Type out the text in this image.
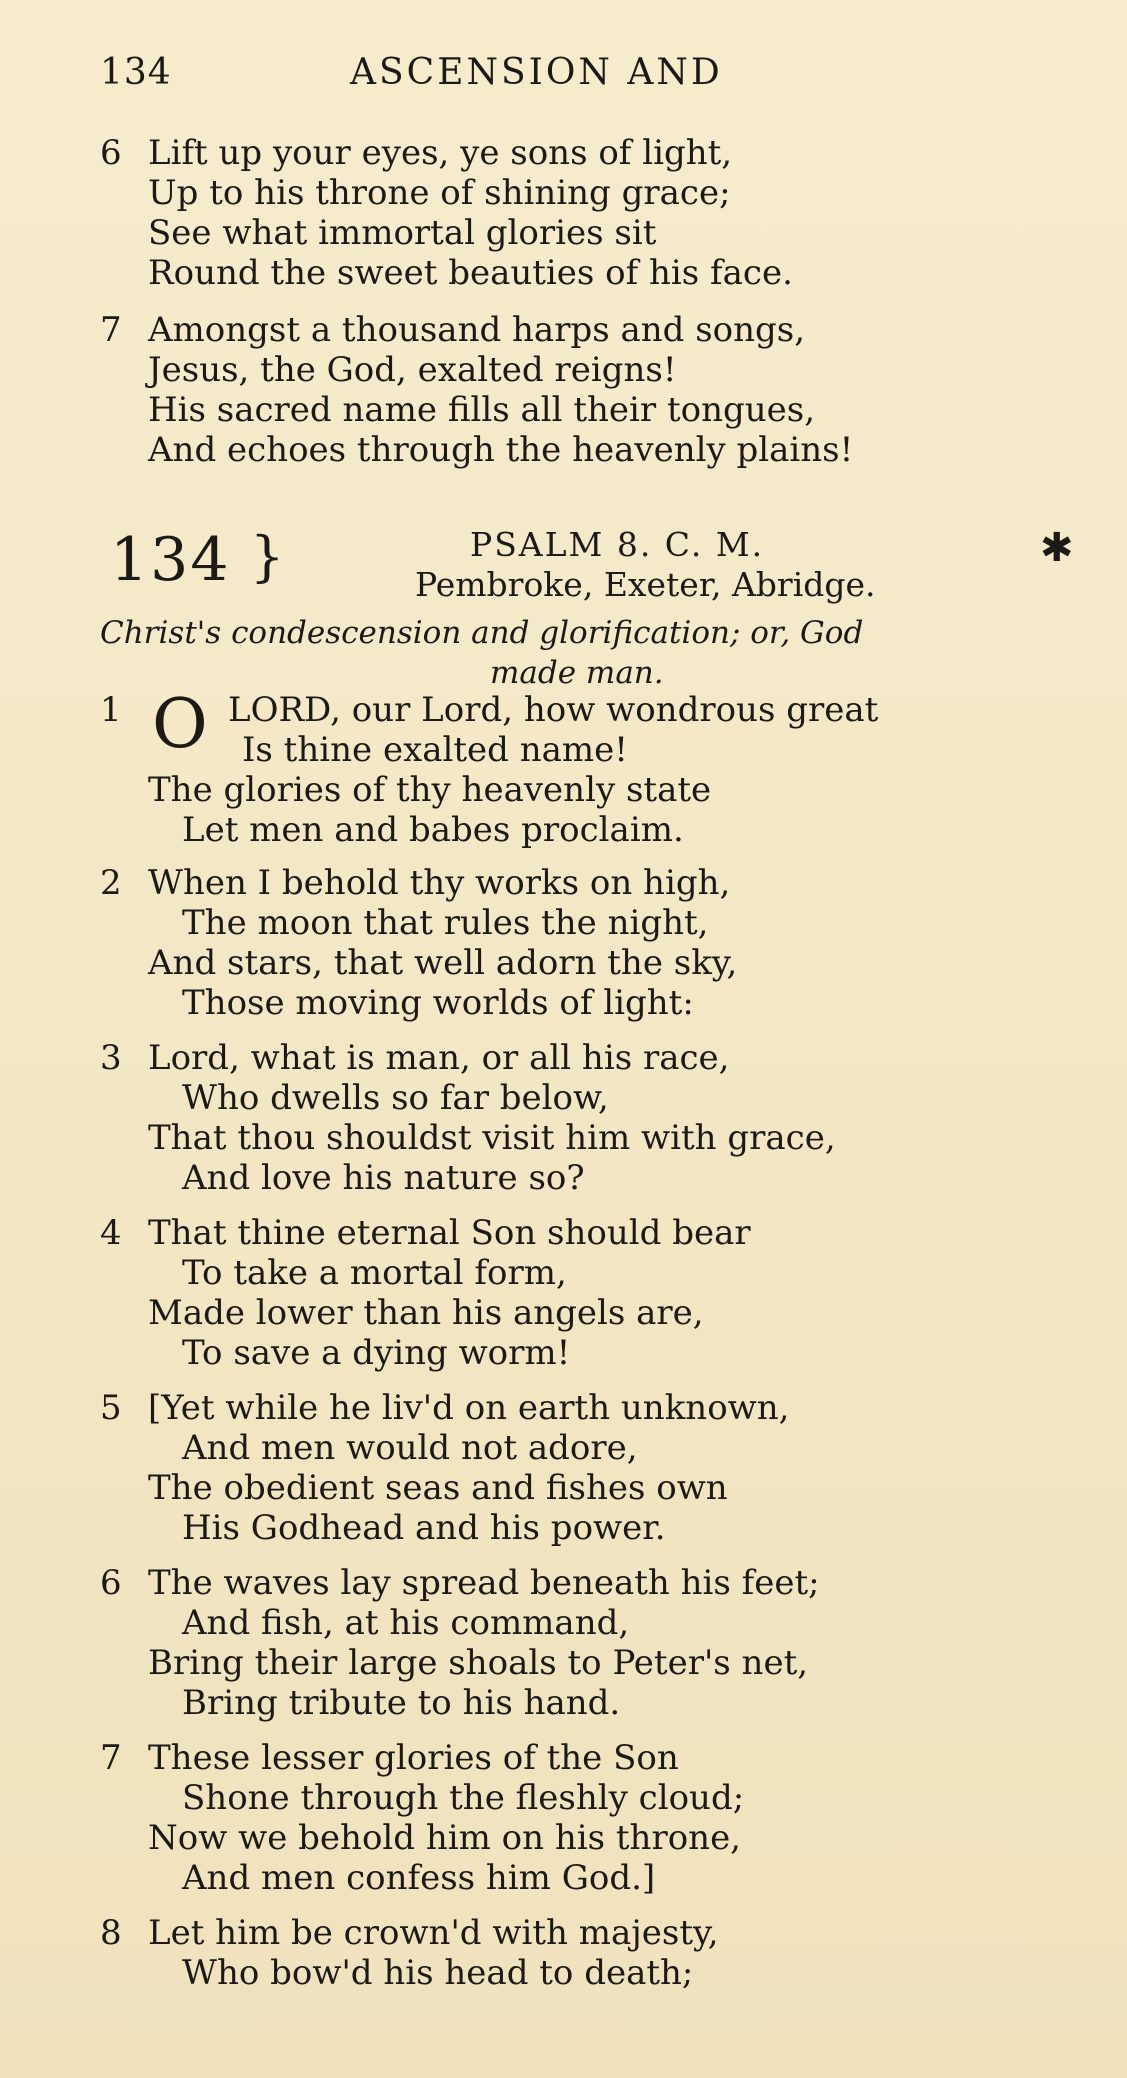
134	ASCENSION AND
6 Lift up your eyes, ye sons of light,
Up to his throne of shining grace;
See what immortal glories sit
Round the sweet beauties of his face.
7 Amongst a thousand harps and songs,
Jesus, the God, exalted reigns!
His sacred name fills all their tongues,
And echoes through the heavenly plains!
134 }	PSALM 8. C. M.
Pembroke, Exeter, Abridge.
✱
Christ's condescension and glorification; or, God
made man.
1 O LORD, our Lord, how wondrous great
Is thine exalted name!
The glories of thy heavenly state
Let men and babes proclaim.
2 When I behold thy works on high,
The moon that rules the night,
And stars, that well adorn the sky,
Those moving worlds of light:
3 Lord, what is man, or all his race,
Who dwells so far below,
That thou shouldst visit him with grace,
And love his nature so?
4 That thine eternal Son should bear
To take a mortal form,
Made lower than his angels are,
To save a dying worm!
5 [Yet while he liv'd on earth unknown,
And men would not adore,
The obedient seas and fishes own
His Godhead and his power.
6 The waves lay spread beneath his feet;
And fish, at his command,
Bring their large shoals to Peter's net,
Bring tribute to his hand.
7 These lesser glories of the Son
Shone through the fleshly cloud;
Now we behold him on his throne,
And men confess him God.]
8 Let him be crown'd with majesty,
Who bow'd his head to death;
